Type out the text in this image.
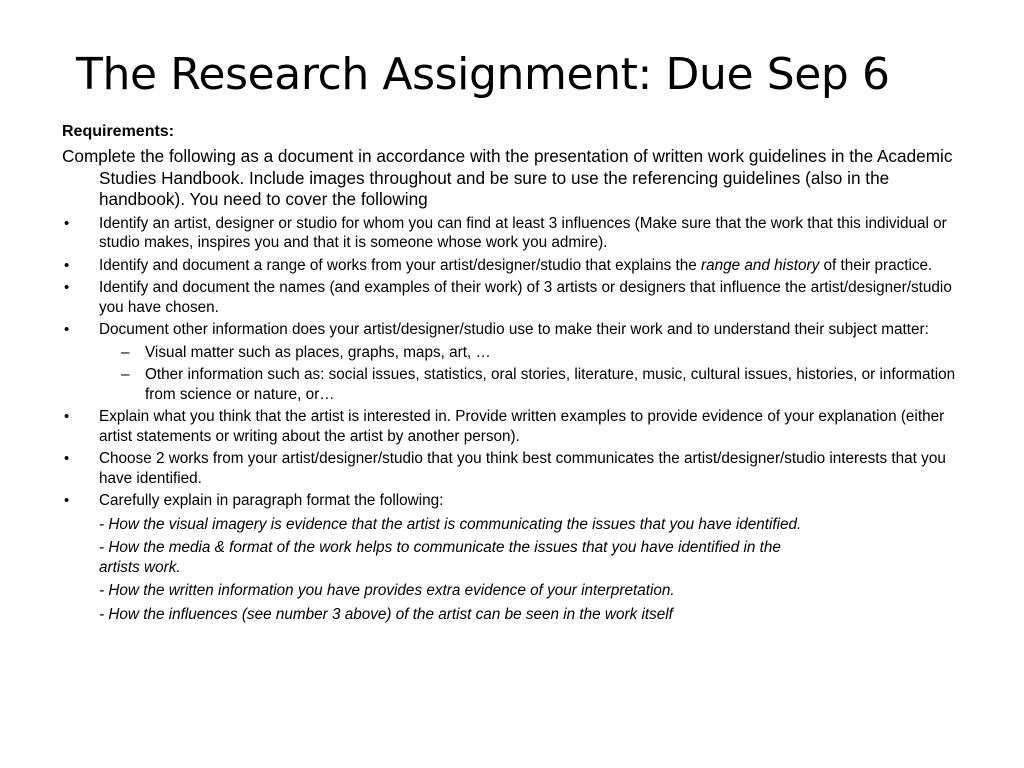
The Research Assignment: Due Sep 6
Requirements:
Complete the following as a document in accordance with the presentation of written work guidelines in the Academic Studies Handbook. Include images throughout and be sure to use the referencing guidelines (also in the handbook). You need to cover the following
• Identify an artist, designer or studio for whom you can find at least 3 influences (Make sure that the work that this individual or studio makes, inspires you and that it is someone whose work you admire).
• Identify and document a range of works from your artist/designer/studio that explains the range and history of their practice.
• Identify and document the names (and examples of their work) of 3 artists or designers that influence the artist/designer/studio you have chosen.
• Document other information does your artist/designer/studio use to make their work and to understand their subject matter:
– Visual matter such as places, graphs, maps, art, …
– Other information such as: social issues, statistics, oral stories, literature, music, cultural issues, histories, or information from science or nature, or…
• Explain what you think that the artist is interested in. Provide written examples to provide evidence of your explanation (either artist statements or writing about the artist by another person).
• Choose 2 works from your artist/designer/studio that you think best communicates the artist/designer/studio interests that you have identified.
• Carefully explain in paragraph format the following:
- How the visual imagery is evidence that the artist is communicating the issues that you have identified.
- How the media & format of the work helps to communicate the issues that you have identified in the
artists work.
- How the written information you have provides extra evidence of your interpretation.
- How the influences (see number 3 above) of the artist can be seen in the work itself
